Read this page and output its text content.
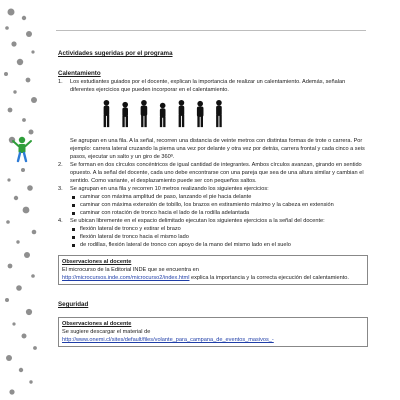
Actividades sugeridas por el programa

Calentamiento

1. Los estudiantes guiados por el docente, explican la importancia de realizar un calentamiento. Además, señalan diferentes ejercicios que pueden incorporar en el calentamiento.
Se agrupan en una fila. A la señal, recorren una distancia de veinte metros con distintas formas de trote o carrera. Por ejemplo: carrera lateral cruzando la pierna una vez por delante y otra vez por detrás, carrera frontal y cada cinco a seis pasos, ejecutar un salto y un giro de 360º.
2. Se forman en dos círculos concéntricos de igual cantidad de integrantes. Ambos círculos avanzan, girando en sentido opuesto. A la señal del docente, cada uno debe encontrarse con una pareja que sea de una altura similar y cambian el sentido. Como variante, el desplazamiento puede ser con pequeños saltos.
3. Se agrupan en una fila y recorren 10 metros realizando los siguientes ejercicios:
caminar con máxima amplitud de paso, lanzando el pie hacia delante
caminar con máxima extensión de tobillo, los brazos en estiramiento máximo y la cabeza en extensión
caminar con rotación de tronco hacia el lado de la rodilla adelantada
4. Se ubican libremente en el espacio delimitado ejecutan los siguientes ejercicios a la señal del docente:
flexión lateral de tronco y estirar el brazo
flexión lateral de tronco hacia el mismo lado
de rodillas, flexión lateral de tronco con apoyo de la mano del mismo lado en el suelo
Observaciones al docente
El microcurso de la Editorial INDE que se encuentra en
http://microcursos.inde.com/microcurso2/index.html explica la importancia y la correcta ejecución del calentamiento.

Seguridad

Observaciones al docente
Se sugiere descargar el material de
http://www.onemi.cl/sites/default/files/volante_para_campana_de_eventos_masivos_-
